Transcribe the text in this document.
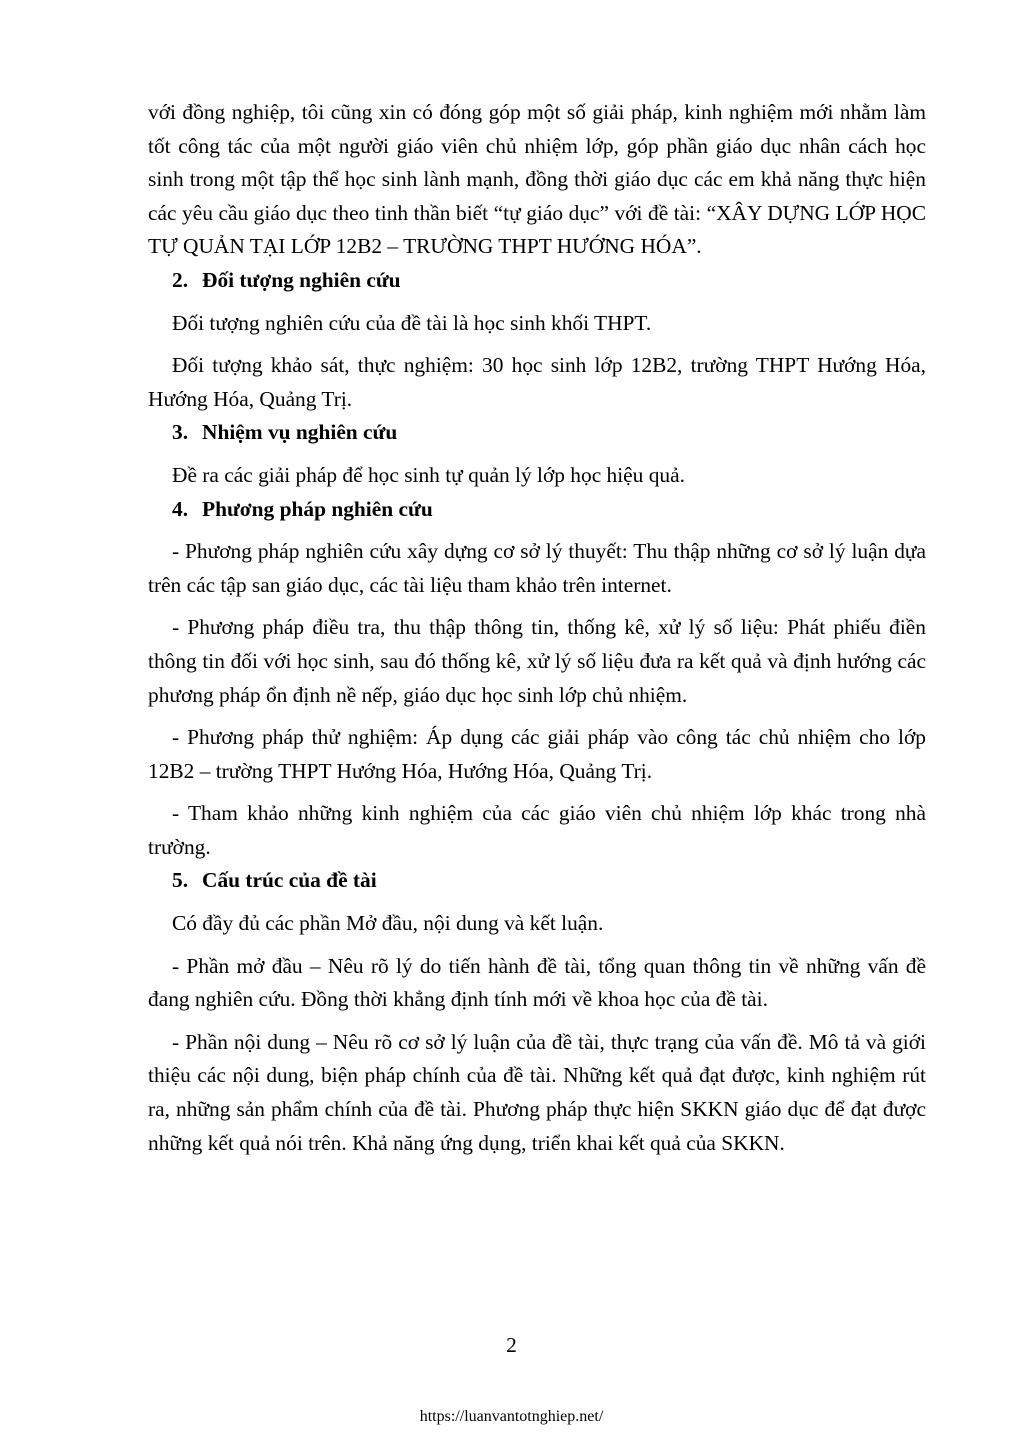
với đồng nghiệp, tôi cũng xin có đóng góp một số giải pháp, kinh nghiệm mới nhằm làm tốt công tác của một người giáo viên chủ nhiệm lớp, góp phần giáo dục nhân cách học sinh trong một tập thể học sinh lành mạnh, đồng thời giáo dục các em khả năng thực hiện các yêu cầu giáo dục theo tinh thần biết “tự giáo dục” với đề tài: “XÂY DỰNG LỚP HỌC TỰ QUẢN TẠI LỚP 12B2 – TRƯỜNG THPT HƯỚNG HÓA”.

2. Đối tượng nghiên cứu

Đối tượng nghiên cứu của đề tài là học sinh khối THPT.

Đối tượng khảo sát, thực nghiệm: 30 học sinh lớp 12B2, trường THPT Hướng Hóa, Hướng Hóa, Quảng Trị.

3. Nhiệm vụ nghiên cứu

Đề ra các giải pháp để học sinh tự quản lý lớp học hiệu quả.

4. Phương pháp nghiên cứu

- Phương pháp nghiên cứu xây dựng cơ sở lý thuyết: Thu thập những cơ sở lý luận dựa trên các tập san giáo dục, các tài liệu tham khảo trên internet.

- Phương pháp điều tra, thu thập thông tin, thống kê, xử lý số liệu: Phát phiếu điền thông tin đối với học sinh, sau đó thống kê, xử lý số liệu đưa ra kết quả và định hướng các phương pháp ổn định nề nếp, giáo dục học sinh lớp chủ nhiệm.

- Phương pháp thử nghiệm: Áp dụng các giải pháp vào công tác chủ nhiệm cho lớp 12B2 – trường THPT Hướng Hóa, Hướng Hóa, Quảng Trị.

- Tham khảo những kinh nghiệm của các giáo viên chủ nhiệm lớp khác trong nhà trường.

5. Cấu trúc của đề tài

Có đầy đủ các phần Mở đầu, nội dung và kết luận.

- Phần mở đầu – Nêu rõ lý do tiến hành đề tài, tổng quan thông tin về những vấn đề đang nghiên cứu. Đồng thời khẳng định tính mới về khoa học của đề tài.

- Phần nội dung – Nêu rõ cơ sở lý luận của đề tài, thực trạng của vấn đề. Mô tả và giới thiệu các nội dung, biện pháp chính của đề tài. Những kết quả đạt được, kinh nghiệm rút ra, những sản phẩm chính của đề tài. Phương pháp thực hiện SKKN giáo dục để đạt được những kết quả nói trên. Khả năng ứng dụng, triển khai kết quả của SKKN.

2
https://luanvantotnghiep.net/
